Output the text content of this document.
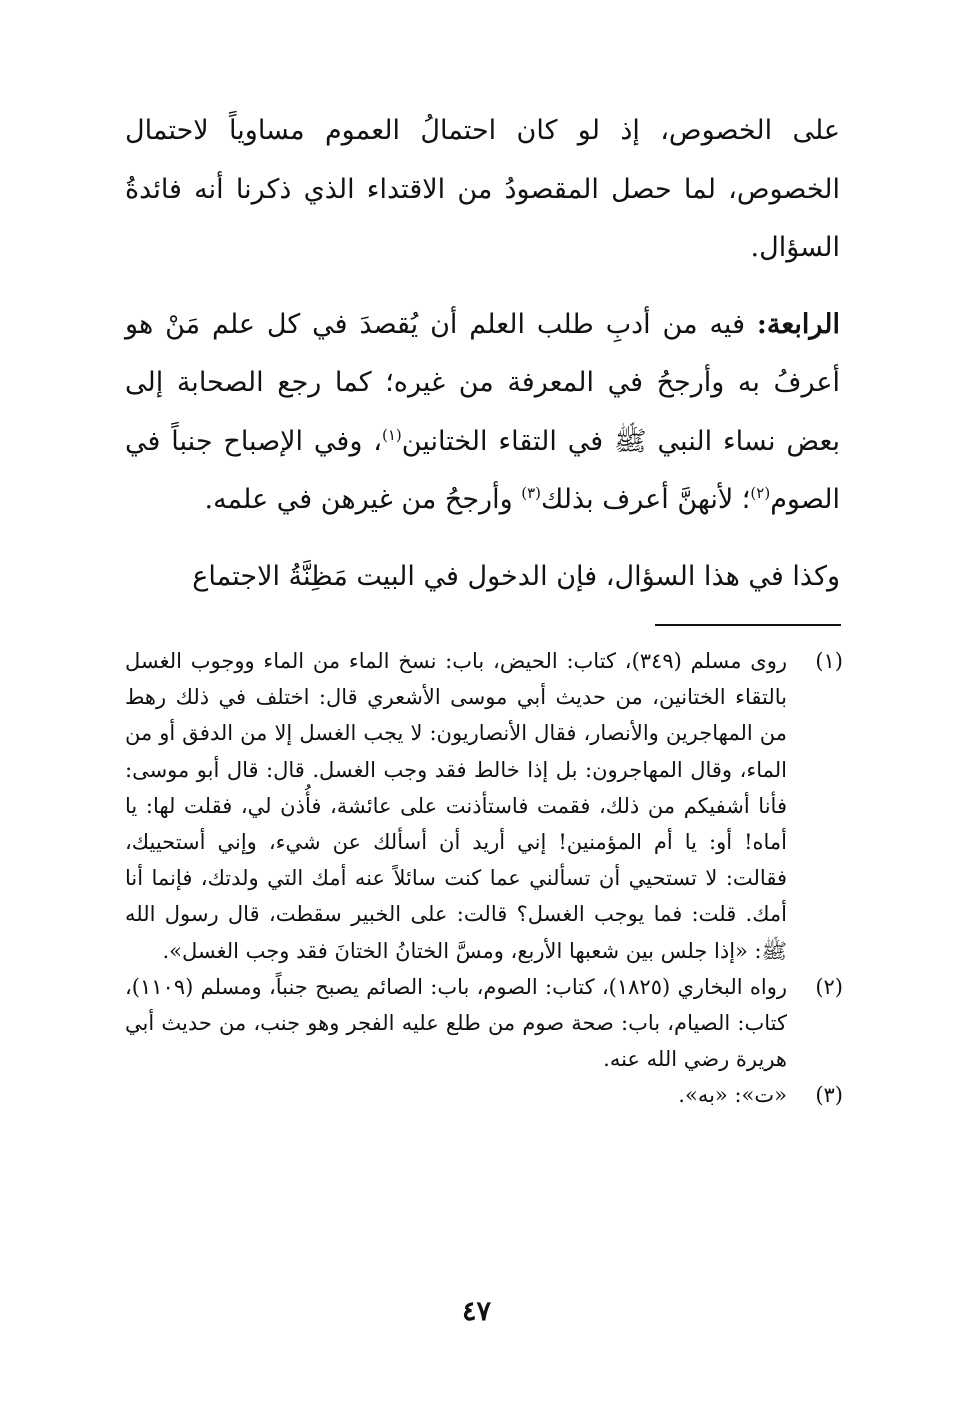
على الخصوص، إذ لو كان احتمالُ العموم مساوياً لاحتمال الخصوص، لما حصل المقصودُ من الاقتداء الذي ذكرنا أنه فائدةُ السؤال.

الرابعة: فيه من أدبِ طلب العلم أن يُقصدَ في كل علم مَنْ هو أعرفُ به وأرجحُ في المعرفة من غيره؛ كما رجع الصحابة إلى بعض نساء النبي ﷺ في التقاء الختانين$^{(١)}$، وفي الإصباح جنباً في الصوم$^{(٢)}$؛ لأنهنَّ أعرف بذلك$^{(٣)}$ وأرجحُ من غيرهن في علمه.

وكذا في هذا السؤال، فإن الدخول في البيت مَظِنَّةُ الاجتماع

(١)
روى مسلم (٣٤٩)، كتاب: الحيض، باب: نسخ الماء من الماء ووجوب الغسل بالتقاء الختانين، من حديث أبي موسى الأشعري قال: اختلف في ذلك رهط من المهاجرين والأنصار، فقال الأنصاريون: لا يجب الغسل إلا من الدفق أو من الماء، وقال المهاجرون: بل إذا خالط فقد وجب الغسل. قال: قال أبو موسى: فأنا أشفيكم من ذلك، فقمت فاستأذنت على عائشة، فأُذن لي، فقلت لها: يا أماه! أو: يا أم المؤمنين! إني أريد أن أسألك عن شيء، وإني أستحييك، فقالت: لا تستحيي أن تسألني عما كنت سائلاً عنه أمك التي ولدتك، فإنما أنا أمك. قلت: فما يوجب الغسل؟ قالت: على الخبير سقطت، قال رسول الله ﷺ: «إذا جلس بين شعبها الأربع، ومسَّ الختانُ الختانَ فقد وجب الغسل».
(٢)
رواه البخاري (١٨٢٥)، كتاب: الصوم، باب: الصائم يصبح جنباً، ومسلم (١١٠٩)، كتاب: الصيام، باب: صحة صوم من طلع عليه الفجر وهو جنب، من حديث أبي هريرة رضي الله عنه.
(٣)
«ت»: «به».
٤٧
